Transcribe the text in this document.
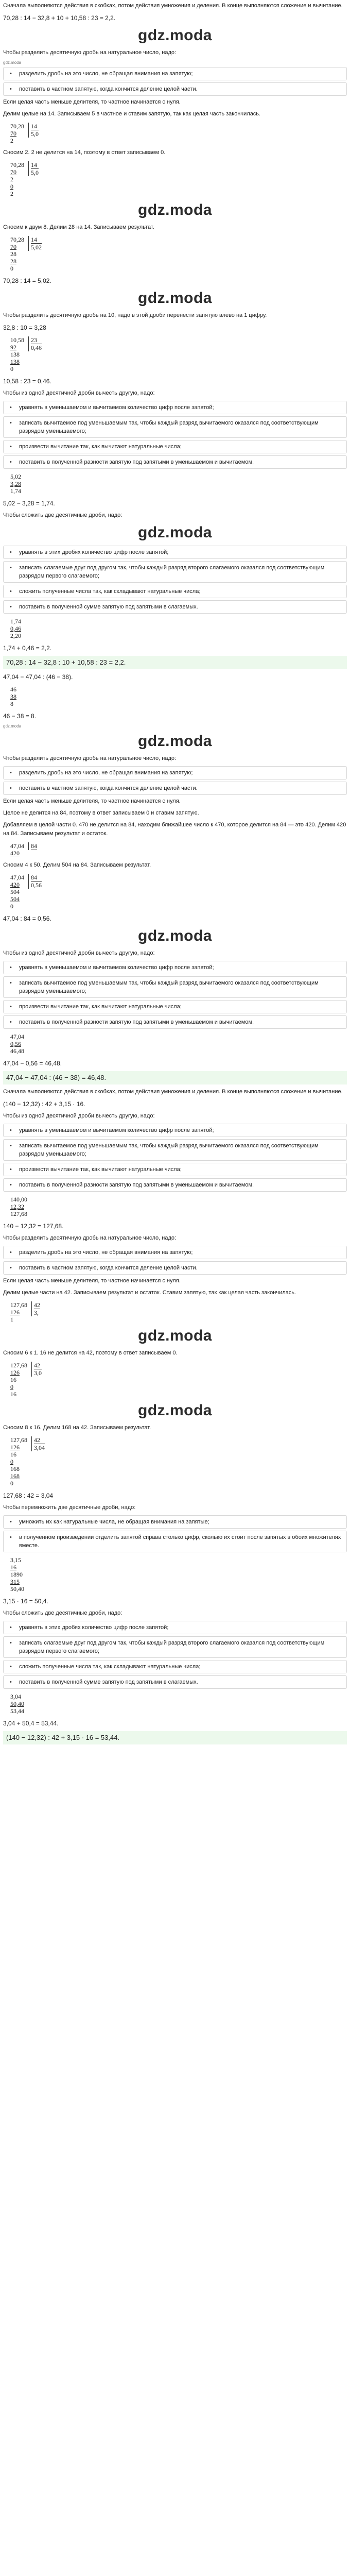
Сначала выполняются действия в скобках, потом действия умножения и деления. В конце выполняются сложение и вычитание.

70,28 : 14 − 32,8 + 10 + 10,58 : 23 = 2,2.
gdz.moda

Чтобы разделить десятичную дробь на натуральное число, надо:

gdz.moda
• разделить дробь на это число, не обращая внимания на запятую;
• поставить в частном запятую, когда кончится деление целой части.

Если целая часть меньше делителя, то частное начинается с нуля.

Делим целые на 14. Записываем 5 в частное и ставим запятую, так как целая часть закончилась.

70,28
70
2
14
5,0

Сносим 2. 2 не делится на 14, поэтому в ответ записываем 0.

70,28
70
2
0
2
14
5,0
gdz.moda

Сносим к двум 8. Делим 28 на 14. Записываем результат.

70,28
70
28
28
0
14
5,02
70,28 : 14 = 5,02.
gdz.moda

Чтобы разделить десятичную дробь на 10, надо в этой дроби перенести запятую влево на 1 цифру.

32,8 : 10 = 3,28
10,58
92
138
138
0
23
0,46
10,58 : 23 = 0,46.

Чтобы из одной десятичной дроби вычесть другую, надо:

• уравнять в уменьшаемом и вычитаемом количество цифр после запятой;
• записать вычитаемое под уменьшаемым так, чтобы каждый разряд вычитаемого оказался под соответствующим разрядом уменьшаемого;
• произвести вычитание так, как вычитают натуральные числа;
• поставить в полученной разности запятую под запятыми в уменьшаемом и вычитаемом.
5,02
3,28
1,74
5,02 − 3,28 = 1,74.

Чтобы сложить две десятичные дроби, надо:

gdz.moda
• уравнять в этих дробях количество цифр после запятой;
• записать слагаемые друг под другом так, чтобы каждый разряд второго слагаемого оказался под соответствующим разрядом первого слагаемого;
• сложить полученные числа так, как складывают натуральные числа;
• поставить в полученной сумме запятую под запятыми в слагаемых.
1,74
0,46
2,20
1,74 + 0,46 = 2,2.
70,28 : 14 − 32,8 : 10 + 10,58 : 23 = 2,2.
47,04 − 47,04 : (46 − 38).
46
38
8
46 − 38 = 8.
gdz.moda
gdz.moda

Чтобы разделить десятичную дробь на натуральное число, надо:

• разделить дробь на это число, не обращая внимания на запятую;
• поставить в частном запятую, когда кончится деление целой части.

Если целая часть меньше делителя, то частное начинается с нуля.

Целое не делится на 84, поэтому в ответ записываем 0 и ставим запятую.

Добавляем в целой части 0. 470 не делится на 84, находим ближайшее число к 470, которое делится на 84 — это 420. Делим 420 на 84. Записываем результат и остаток.

47,04
420
84

Сносим 4 к 50. Делим 504 на 84. Записываем результат.

47,04
420
504
504
0
84
0,56
47,04 : 84 = 0,56.
gdz.moda

Чтобы из одной десятичной дроби вычесть другую, надо:

• уравнять в уменьшаемом и вычитаемом количество цифр после запятой;
• записать вычитаемое под уменьшаемым так, чтобы каждый разряд вычитаемого оказался под соответствующим разрядом уменьшаемого;
• произвести вычитание так, как вычитают натуральные числа;
• поставить в полученной разности запятую под запятыми в уменьшаемом и вычитаемом.
47,04
0,56
46,48
47,04 − 0,56 = 46,48.
47,04 − 47,04 : (46 − 38) = 46,48.

Сначала выполняются действия в скобках, потом действия умножения и деления. В конце выполняются сложение и вычитание.

(140 − 12,32) : 42 + 3,15 · 16.

Чтобы из одной десятичной дроби вычесть другую, надо:

• уравнять в уменьшаемом и вычитаемом количество цифр после запятой;
• записать вычитаемое под уменьшаемым так, чтобы каждый разряд вычитаемого оказался под соответствующим разрядом уменьшаемого;
• произвести вычитание так, как вычитают натуральные числа;
• поставить в полученной разности запятую под запятыми в уменьшаемом и вычитаемом.
140,00
12,32
127,68
140 − 12,32 = 127,68.

Чтобы разделить десятичную дробь на натуральное число, надо:

• разделить дробь на это число, не обращая внимания на запятую;
• поставить в частном запятую, когда кончится деление целой части.

Если целая часть меньше делителя, то частное начинается с нуля.

Делим целые части на 42. Записываем результат и остаток. Ставим запятую, так как целая часть закончилась.

127,68
126
1
42
3,
gdz.moda

Сносим 6 к 1. 16 не делится на 42, поэтому в ответ записываем 0.

127,68
126
16
0
16
42
3,0
gdz.moda

Сносим 8 к 16. Делим 168 на 42. Записываем результат.

127,68
126
16
0
168
168
0
42
3,04
127,68 : 42 = 3,04

Чтобы перемножить две десятичные дроби, надо:

• умножить их как натуральные числа, не обращая внимания на запятые;
• в полученном произведении отделить запятой справа столько цифр, сколько их стоит после запятых в обоих множителях вместе.
3,15
16
1890
315
50,40
3,15 · 16 = 50,4.

Чтобы сложить две десятичные дроби, надо:

• уравнять в этих дробях количество цифр после запятой;
• записать слагаемые друг под другом так, чтобы каждый разряд второго слагаемого оказался под соответствующим разрядом первого слагаемого;
• сложить полученные числа так, как складывают натуральные числа;
• поставить в полученной сумме запятую под запятыми в слагаемых.
3,04
50,40
53,44
3,04 + 50,4 = 53,44.
(140 − 12,32) : 42 + 3,15 · 16 = 53,44.
